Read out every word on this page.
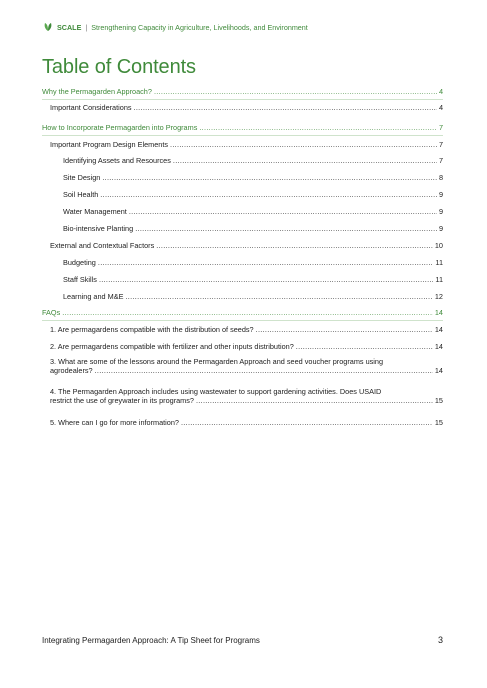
SCALE | Strengthening Capacity in Agriculture, Livelihoods, and Environment
Table of Contents
Why the Permagarden Approach? .....	4
Important Considerations .....	4
How to Incorporate Permagarden into Programs .....	7
Important Program Design Elements .....	7
Identifying Assets and Resources .....	7
Site Design .....	8
Soil Health .....	9
Water Management .....	9
Bio-intensive Planting .....	9
External and Contextual Factors .....	10
Budgeting .....	11
Staff Skills .....	11
Learning and M&E .....	12
FAQs .....	14
1. Are permagardens compatible with the distribution of seeds? .....	14
2. Are permagardens compatible with fertilizer and other inputs distribution? .....	14
3. What are some of the lessons around the Permagarden Approach and seed voucher programs using
agrodealers? .....	14
4. The Permagarden Approach includes using wastewater to support gardening activities. Does USAID
restrict the use of greywater in its programs? .....	15
5. Where can I go for more information? .....	15
Integrating Permagarden Approach: A Tip Sheet for Programs	3
